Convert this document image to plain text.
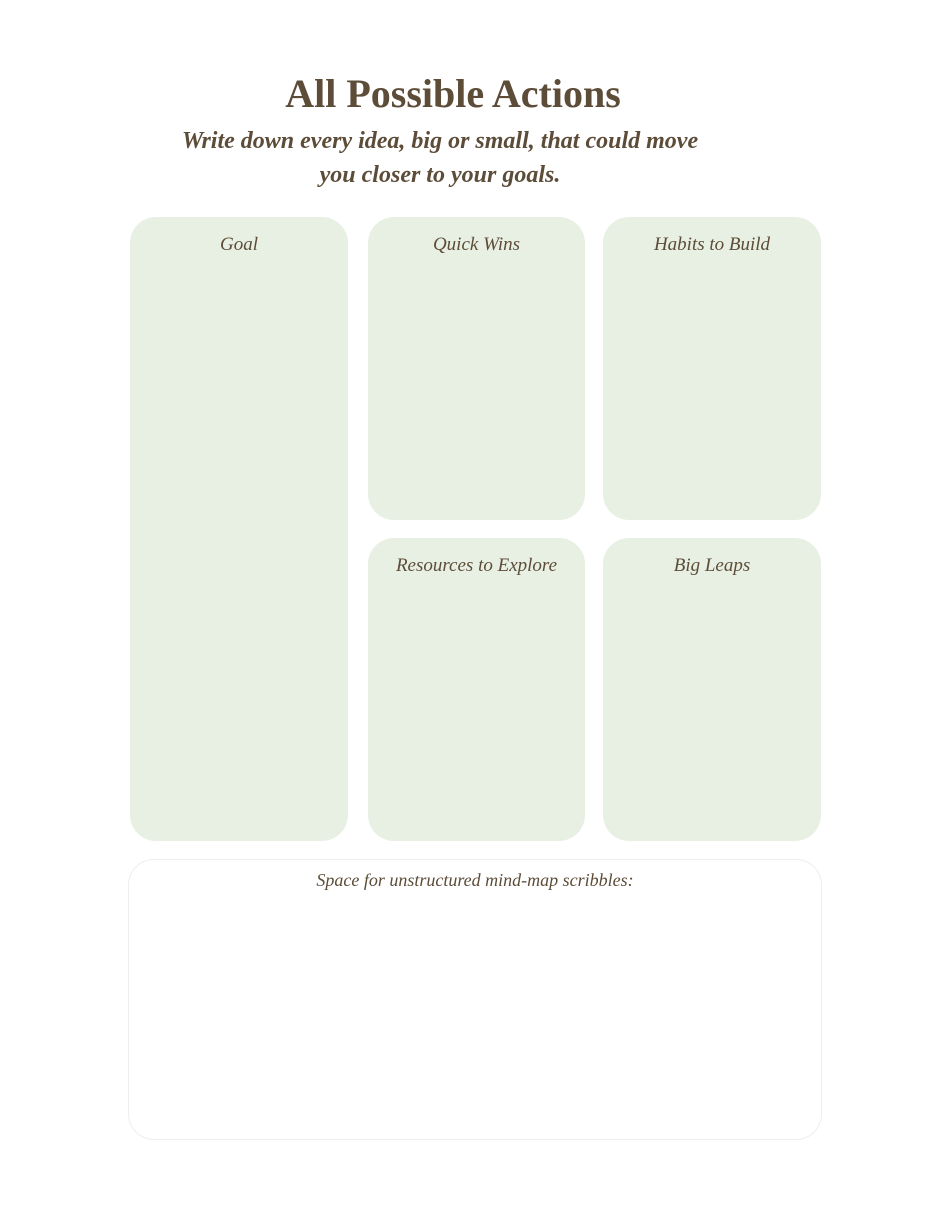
All Possible Actions

Write down every idea, big or small, that could move you closer to your goals.

Goal	Quick Wins	Habits to Build
Resources to Explore	Big Leaps
Space for unstructured mind-map scribbles:
